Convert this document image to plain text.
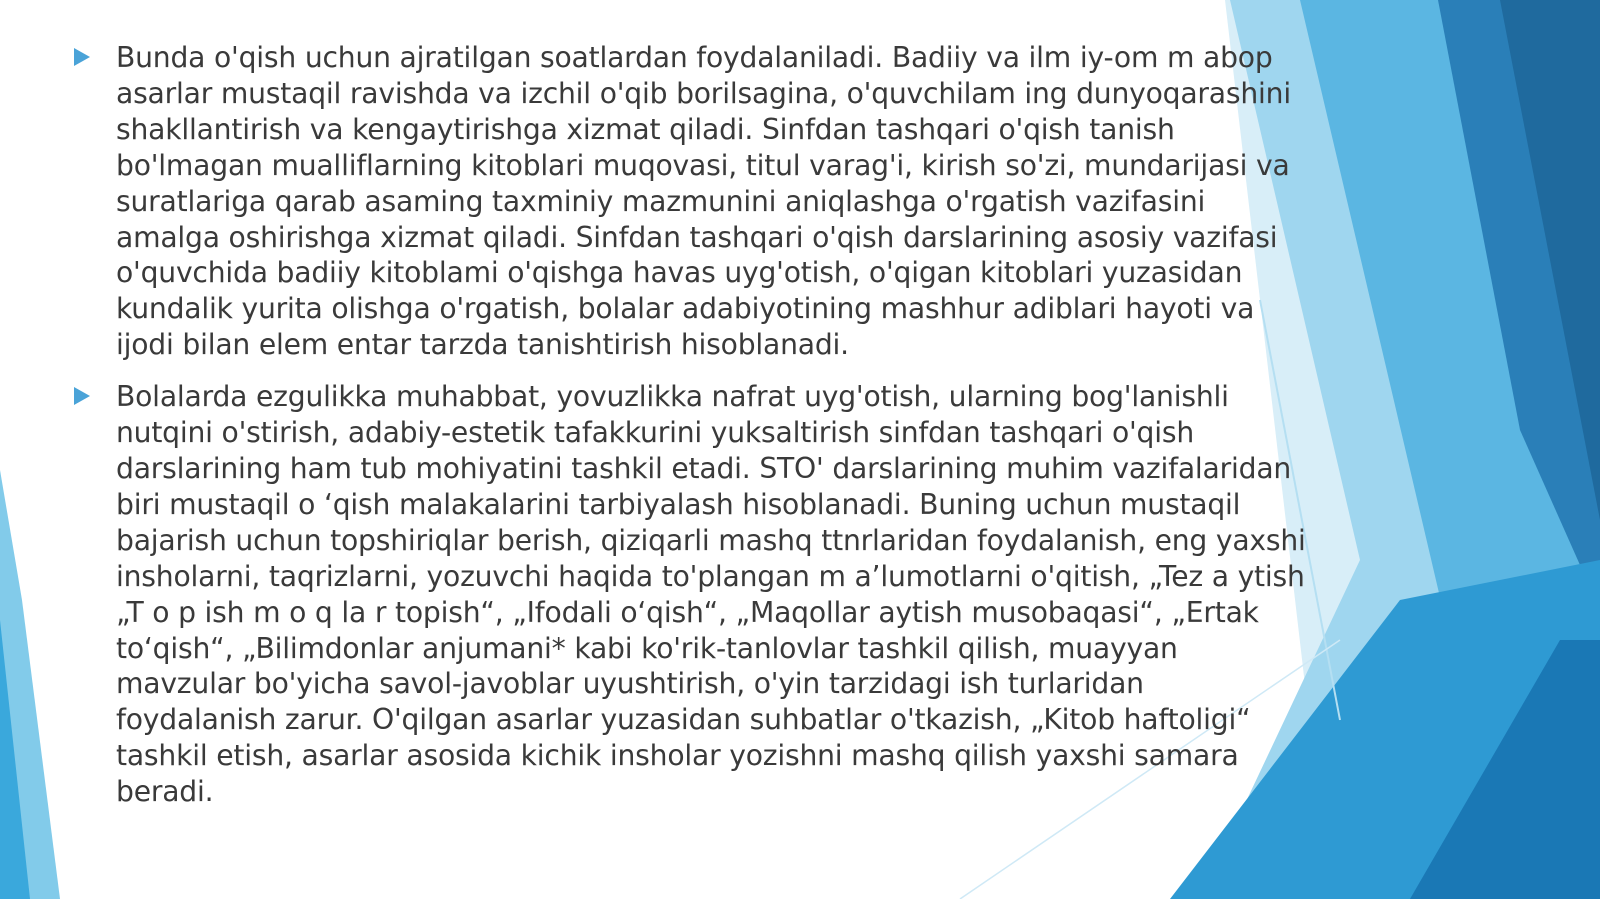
Bunda o'qish uchun ajratilgan soatlardan foydalaniladi. Badiiy va ilm iy-om m abop asarlar mustaqil ravishda va izchil o'qib borilsagina, o'quvchilam ing dunyoqarashini shakllantirish va kengaytirishga xizmat qiladi. Sinfdan tashqari o'qish tanish bo'lmagan mualliflarning kitoblari muqovasi, titul varag'i, kirish so'zi, mundarijasi va suratlariga qarab asaming taxminiy mazmunini aniqlashga o'rgatish vazifasini amalga oshirishga xizmat qiladi. Sinfdan tashqari o'qish darslarining asosiy vazifasi o'quvchida badiiy kitoblami o'qishga havas uyg'otish, o'qigan kitoblari yuzasidan kundalik yurita olishga o'rgatish, bolalar adabiyotining mashhur adiblari hayoti va ijodi bilan elem entar tarzda tanishtirish hisoblanadi.

Bolalarda ezgulikka muhabbat, yovuzlikka nafrat uyg'otish, ularning bog'lanishli nutqini o'stirish, adabiy-estetik tafakkurini yuksaltirish sinfdan tashqari o'qish darslarining ham tub mohiyatini tashkil etadi. STO' darslarining muhim vazifalaridan biri mustaqil o ‘qish malakalarini tarbiyalash hisoblanadi. Buning uchun mustaqil bajarish uchun topshiriqlar berish, qiziqarli mashq ttnrlaridan foydalanish, eng yaxshi insholarni, taqrizlarni, yozuvchi haqida to'plangan m a’lumotlarni o'qitish, „Tez a ytish „T o p ish m o q la r topish“, „Ifodali o‘qish“, „Maqollar aytish musobaqasi“, „Ertak to‘qish“, „Bilimdonlar anjumani* kabi ko'rik-tanlovlar tashkil qilish, muayyan mavzular bo'yicha savol-javoblar uyushtirish, o'yin tarzidagi ish turlaridan foydalanish zarur. O'qilgan asarlar yuzasidan suhbatlar o'tkazish, „Kitob haftoligi“ tashkil etish, asarlar asosida kichik insholar yozishni mashq qilish yaxshi samara beradi.
